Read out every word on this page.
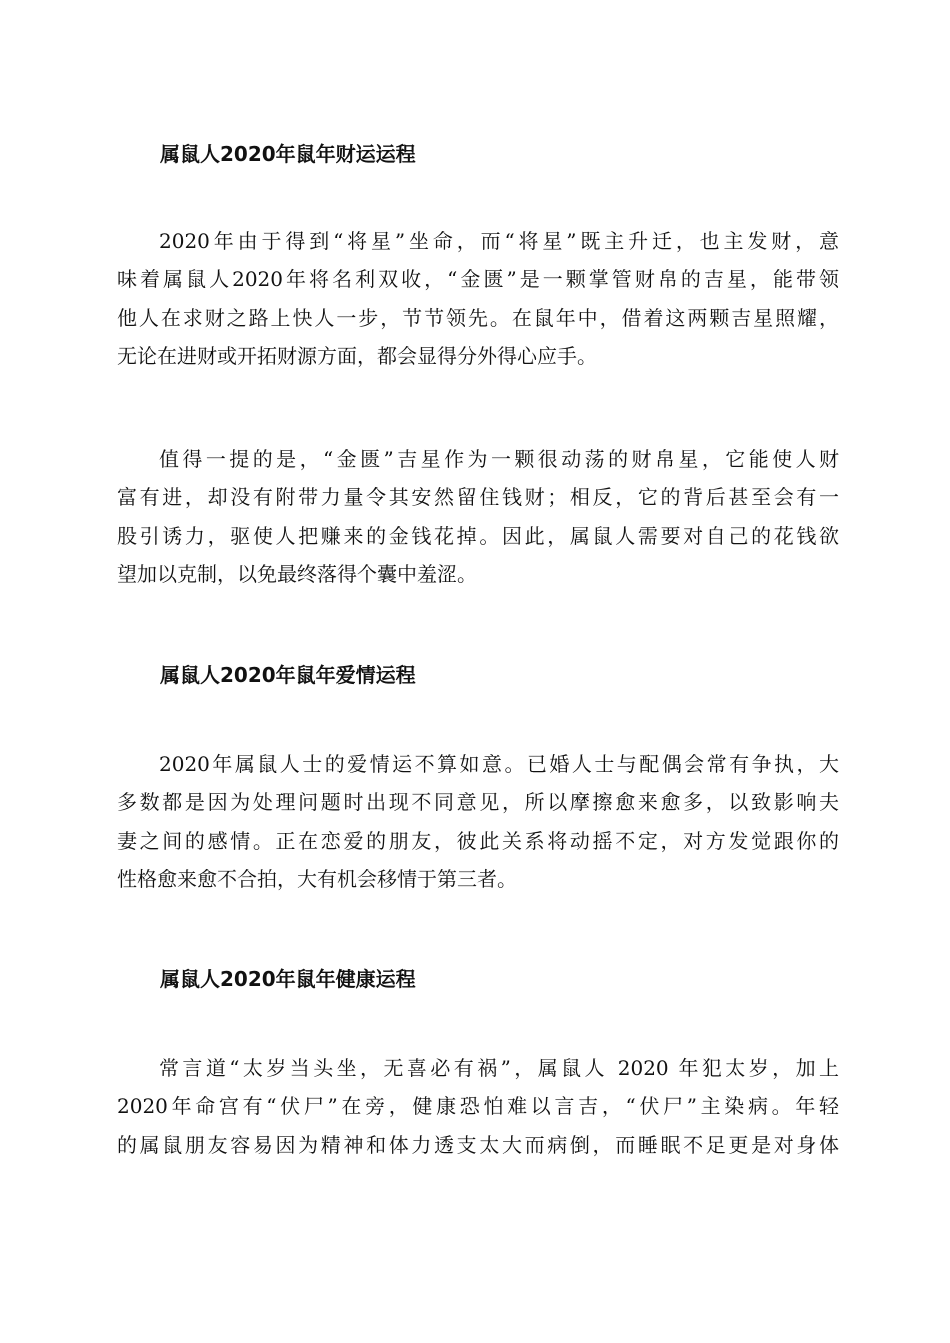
属鼠人2020年鼠年财运运程
2020年由于得到“将星”坐命，而“将星”既主升迁，也主发财，意
味着属鼠人2020年将名利双收，“金匮”是一颗掌管财帛的吉星，能带领
他人在求财之路上快人一步，节节领先。在鼠年中，借着这两颗吉星照耀，
无论在进财或开拓财源方面，都会显得分外得心应手。
值得一提的是，“金匮”吉星作为一颗很动荡的财帛星，它能使人财
富有进，却没有附带力量令其安然留住钱财；相反，它的背后甚至会有一
股引诱力，驱使人把赚来的金钱花掉。因此，属鼠人需要对自己的花钱欲
望加以克制，以免最终落得个囊中羞涩。
属鼠人2020年鼠年爱情运程
2020年属鼠人士的爱情运不算如意。已婚人士与配偶会常有争执，大
多数都是因为处理问题时出现不同意见，所以摩擦愈来愈多，以致影响夫
妻之间的感情。正在恋爱的朋友，彼此关系将动摇不定，对方发觉跟你的
性格愈来愈不合拍，大有机会移情于第三者。
属鼠人2020年鼠年健康运程
常言道“太岁当头坐，无喜必有祸”，属鼠人 2020 年犯太岁，加上
2020年命宫有“伏尸”在旁，健康恐怕难以言吉，“伏尸”主染病。年轻
的属鼠朋友容易因为精神和体力透支太大而病倒，而睡眠不足更是对身体
